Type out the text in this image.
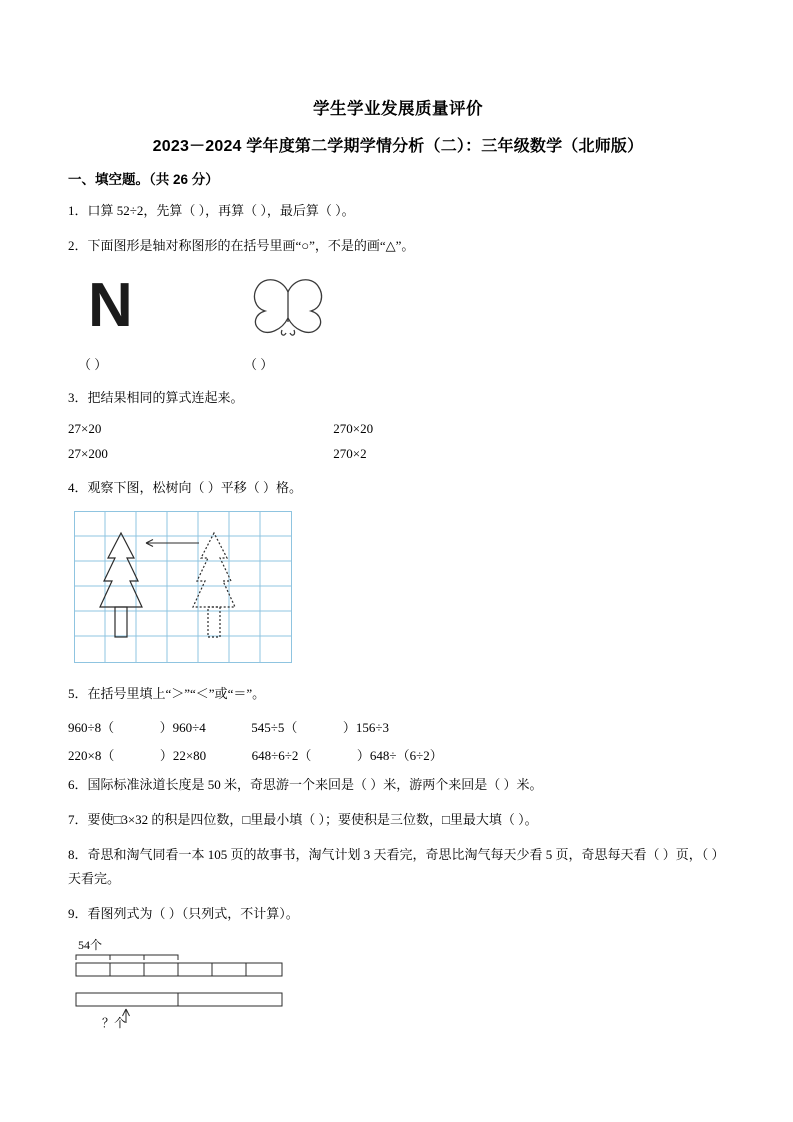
学生学业发展质量评价
2023－2024 学年度第二学期学情分析（二）：三年级数学（北师版）
一、填空题。（共 26 分）
1．口算 52÷2，先算（ ），再算（ ），最后算（ ）。
2．下面图形是轴对称图形的在括号里画“○”，不是的画“△”。
N
（ ）	（ ）
3．把结果相同的算式连起来。
27×20	270×20
27×200	270×2
4．观察下图，松树向（ ）平移（ ）格。
5．在括号里填上“＞”“＜”或“＝”。
960÷8（              ）960÷4              545÷5（              ）156÷3
220×8（              ）22×80              648÷6÷2（              ）648÷（6÷2）
6．国际标准泳道长度是 50 米，奇思游一个来回是（ ）米，游两个来回是（ ）米。
7．要使□3×32 的积是四位数，□里最小填（ ）；要使积是三位数，□里最大填（ ）。
8．奇思和淘气同看一本 105 页的故事书，淘气计划 3 天看完，奇思比淘气每天少看 5 页，奇思每天看（ ）页，（ ）天看完。
9．看图列式为（ ）（只列式，不计算）。
54个
？个
